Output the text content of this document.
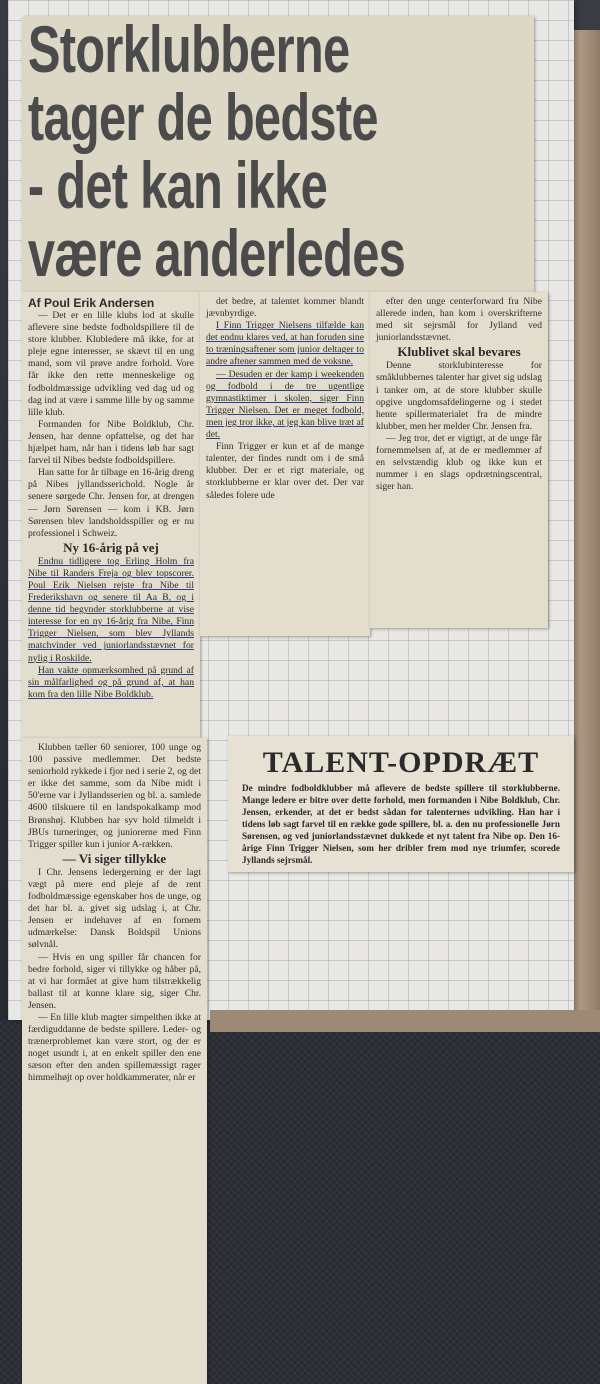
Storklubberne
tager de bedste
- det kan ikke
være anderledes

Af Poul Erik Andersen

— Det er en lille klubs lod at skulle aflevere sine bedste fodboldspillere til de store klubber. Klubledere må ikke, for at pleje egne interesser, se skævt til en ung mand, som vil prøve andre forhold. Vore får ikke den rette menneskelige og fodboldmæssige udvikling ved dag ud og dag ind at være i samme lille by og samme lille klub.

Formanden for Nibe Boldklub, Chr. Jensen, har denne opfattelse, og det har hjælpet ham, når han i tidens løb har sagt farvel til Nibes bedste fodboldspillere.

Han satte for år tilbage en 16-årig dreng på Nibes jyllandsserichold. Nogle år senere sørgede Chr. Jensen for, at drengen — Jørn Sørensen — kom i KB. Jørn Sørensen blev landsholdsspiller og er nu professionel i Schweiz.

Ny 16-årig på vej

Endnu tidligere tog Erling Holm fra Nibe til Randers Freja og blev topscorer. Poul Erik Nielsen rejste fra Nibe til Frederikshavn og senere til Aa B, og i denne tid begynder storklubberne at vise interesse for en ny 16-årig fra Nibe, Finn Trigger Nielsen, som blev Jyllands matchvinder ved juniorlandsstævnet for nylig i Roskilde.

Han vakte opmærksomhed på grund af sin målfarlighed og på grund af, at han kom fra den lille Nibe Boldklub.

det bedre, at talentet kommer blandt jævnbyrdige.

I Finn Trigger Nielsens tilfælde kan det endnu klares ved, at han foruden sine to træningsaftener som junior deltager to andre aftener sammen med de voksne.

— Desuden er der kamp i weekenden og fodbold i de tre ugentlige gymnastiktimer i skolen, siger Finn Trigger Nielsen. Det er meget fodbold, men jeg tror ikke, at jeg kan blive træt af det.

Finn Trigger er kun et af de mange talenter, der findes rundt om i de små klubber. Der er et rigt materiale, og storklubberne er klar over det. Der var således folere ude

efter den unge centerforward fra Nibe allerede inden, han kom i overskrifterne med sit sejrsmål for Jylland ved juniorlandsstævnet.

Klublivet skal bevares

Denne storklubinteresse for småklubbernes talenter har givet sig udslag i tanker om, at de store klubber skulle opgive ungdomsafdelingerne og i stedet hente spillermaterialet fra de mindre klubber, men her melder Chr. Jensen fra.

— Jeg tror, det er vigtigt, at de unge får fornemmelsen af, at de er medlemmer af en selvstændig klub og ikke kun et nummer i en slags opdrætningscentral, siger han.

Klubben tæller 60 seniorer, 100 unge og 100 passive medlemmer. Det bedste seniorhold rykkede i fjor ned i serie 2, og det er ikke det samme, som da Nibe midt i 50'erne var i Jyllandsserien og bl. a. samlede 4600 tilskuere til en landspokalkamp mod Brønshøj. Klubben har syv hold tilmeldt i JBUs turneringer, og juniorerne med Finn Trigger spiller kun i junior A-rækken.

— Vi siger tillykke

I Chr. Jensens ledergerning er der lagt vægt på mere end pleje af de rent fodboldmæssige egenskaber hos de unge, og det har bl. a. givet sig udslag i, at Chr. Jensen er indehaver af en fornem udmærkelse: Dansk Boldspil Unions sølvnål.

— Hvis en ung spiller får chancen for bedre forhold, siger vi tillykke og håber på, at vi har formået at give ham tilstrækkelig ballast til at kunne klare sig, siger Chr. Jensen.

— En lille klub magter simpelthen ikke at færdiguddanne de bedste spillere. Leder- og trænerproblemet kan være stort, og der er noget usundt i, at en enkelt spiller den ene sæson efter den anden spillemæssigt rager himmelhøjt op over holdkammerater, når er

TALENT-OPDRÆT
De mindre fodboldklubber må aflevere de bedste spillere til storklubberne. Mange ledere er bitre over dette forhold, men formanden i Nibe Boldklub, Chr. Jensen, erkender, at det er bedst sådan for talenternes udvikling. Han har i tidens løb sagt farvel til en række gode spillere, bl. a. den nu professionelle Jørn Sørensen, og ved juniorlandsstævnet dukkede et nyt talent fra Nibe op. Den 16-årige Finn Trigger Nielsen, som her dribler frem mod nye triumfer, scorede Jyllands sejrsmål.
